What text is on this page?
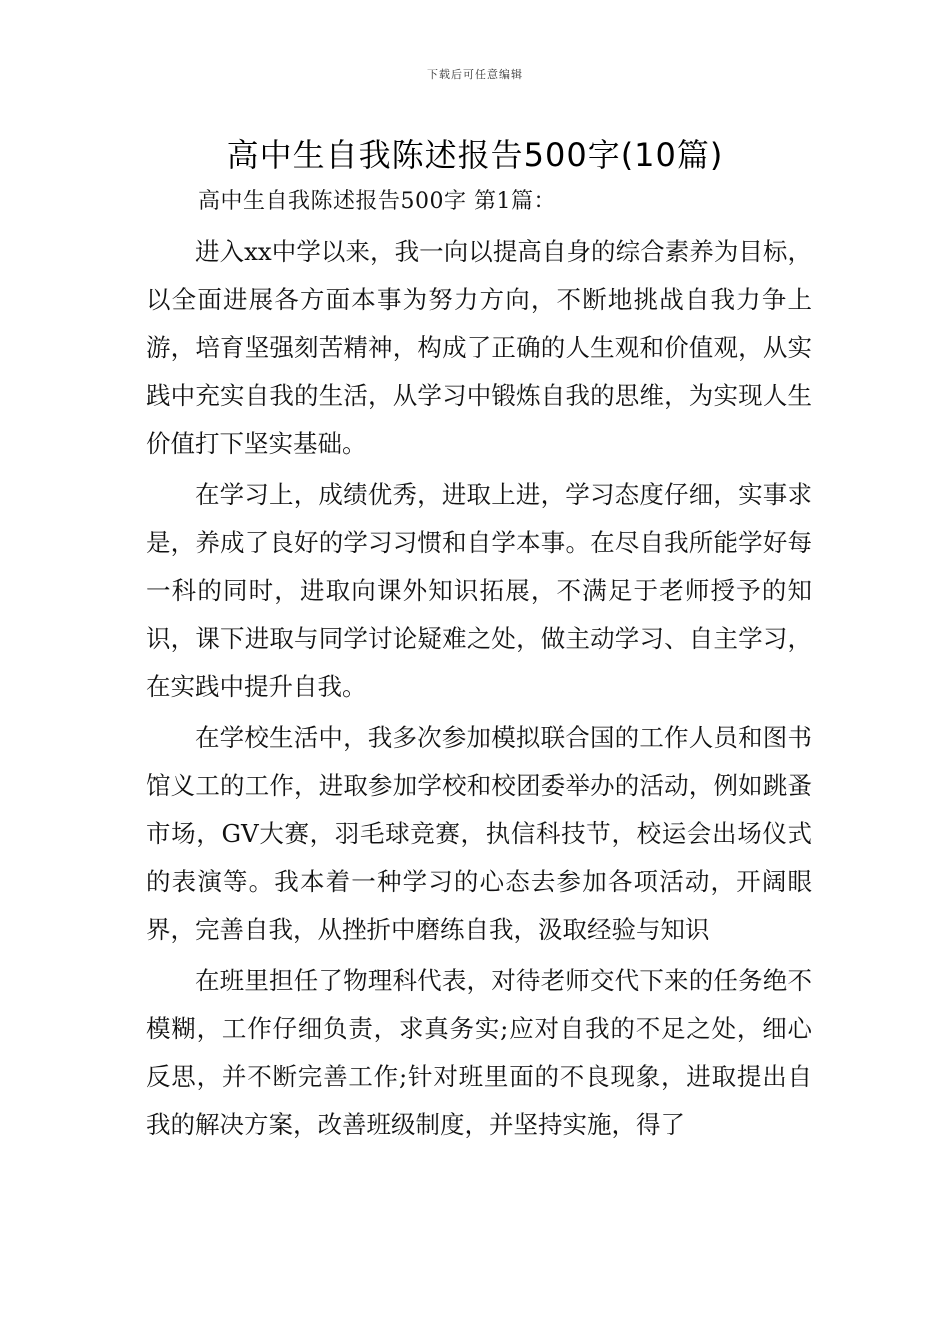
下载后可任意编辑
高中生自我陈述报告500字(10篇)
高中生自我陈述报告500字 第1篇：

进入xx中学以来，我一向以提高自身的综合素养为目标，以全面进展各方面本事为努力方向，不断地挑战自我力争上游，培育坚强刻苦精神，构成了正确的人生观和价值观，从实践中充实自我的生活，从学习中锻炼自我的思维，为实现人生价值打下坚实基础。

在学习上，成绩优秀，进取上进，学习态度仔细，实事求是，养成了良好的学习习惯和自学本事。在尽自我所能学好每一科的同时，进取向课外知识拓展，不满足于老师授予的知识，课下进取与同学讨论疑难之处，做主动学习、自主学习，在实践中提升自我。

在学校生活中，我多次参加模拟联合国的工作人员和图书馆义工的工作，进取参加学校和校团委举办的活动，例如跳蚤市场，GV大赛，羽毛球竞赛，执信科技节，校运会出场仪式的表演等。我本着一种学习的心态去参加各项活动，开阔眼界，完善自我，从挫折中磨练自我，汲取经验与知识

在班里担任了物理科代表，对待老师交代下来的任务绝不模糊，工作仔细负责，求真务实;应对自我的不足之处，细心反思，并不断完善工作;针对班里面的不良现象，进取提出自我的解决方案，改善班级制度，并坚持实施，得了
